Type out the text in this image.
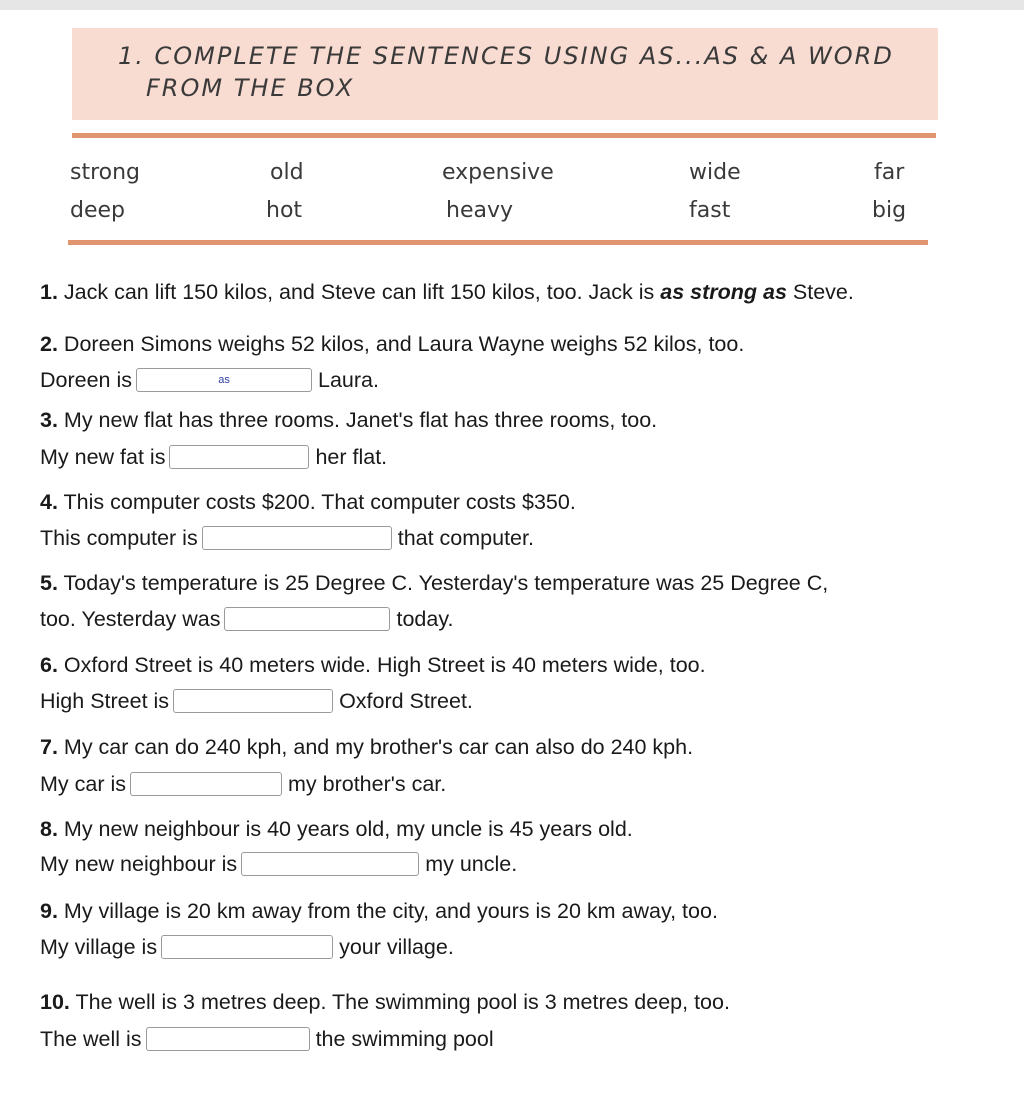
1. COMPLETE THE SENTENCES USING AS...AS & A WORD
FROM THE BOX
strong	old	expensive	wide	far
deep	hot	heavy	fast	big
1. Jack can lift 150 kilos, and Steve can lift 150 kilos, too. Jack is as strong as Steve.
2. Doreen Simons weighs 52 kilos, and Laura Wayne weighs 52 kilos, too.
Doreen is	as	Laura.
3. My new flat has three rooms. Janet's flat has three rooms, too.
My new fat is	her flat.
4. This computer costs $200. That computer costs $350.
This computer is	that computer.
5. Today's temperature is 25 Degree C. Yesterday's temperature was 25 Degree C,
too. Yesterday was	today.
6. Oxford Street is 40 meters wide. High Street is 40 meters wide, too.
High Street is	Oxford Street.
7. My car can do 240 kph, and my brother's car can also do 240 kph.
My car is	my brother's car.
8. My new neighbour is 40 years old, my uncle is 45 years old.
My new neighbour is	my uncle.
9. My village is 20 km away from the city, and yours is 20 km away, too.
My village is	your village.
10. The well is 3 metres deep. The swimming pool is 3 metres deep, too.
The well is	the swimming pool
